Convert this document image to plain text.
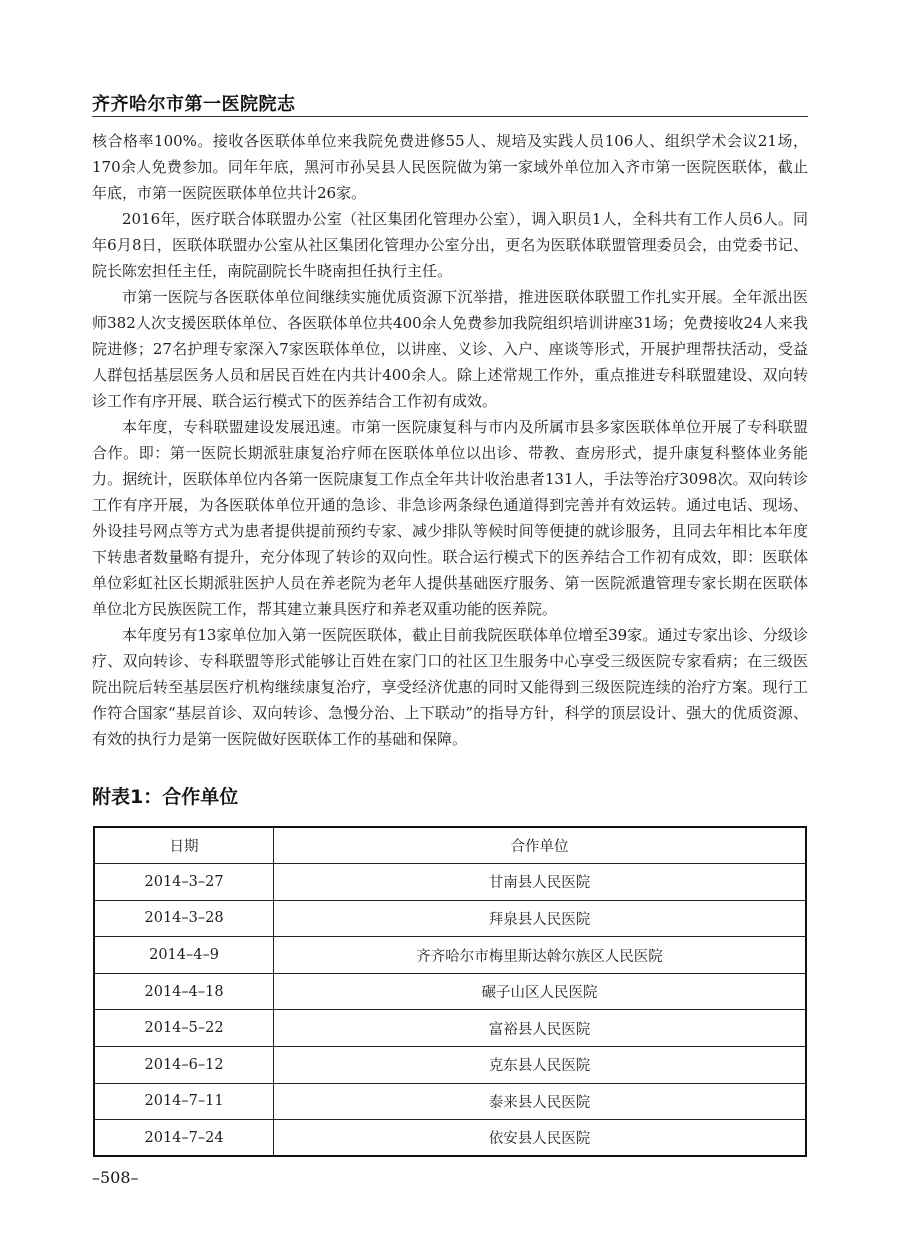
齐齐哈尔市第一医院院志

核合格率100%。接收各医联体单位来我院免费进修55人、规培及实践人员106人、组织学术会议21场，170余人免费参加。同年年底，黑河市孙吴县人民医院做为第一家域外单位加入齐市第一医院医联体，截止年底，市第一医院医联体单位共计26家。

2016年，医疗联合体联盟办公室（社区集团化管理办公室），调入职员1人，全科共有工作人员6人。同年6月8日，医联体联盟办公室从社区集团化管理办公室分出，更名为医联体联盟管理委员会，由党委书记、院长陈宏担任主任，南院副院长牛晓南担任执行主任。

市第一医院与各医联体单位间继续实施优质资源下沉举措，推进医联体联盟工作扎实开展。全年派出医师382人次支援医联体单位、各医联体单位共400余人免费参加我院组织培训讲座31场；免费接收24人来我院进修；27名护理专家深入7家医联体单位，以讲座、义诊、入户、座谈等形式，开展护理帮扶活动，受益人群包括基层医务人员和居民百姓在内共计400余人。除上述常规工作外，重点推进专科联盟建设、双向转诊工作有序开展、联合运行模式下的医养结合工作初有成效。

本年度，专科联盟建设发展迅速。市第一医院康复科与市内及所属市县多家医联体单位开展了专科联盟合作。即：第一医院长期派驻康复治疗师在医联体单位以出诊、带教、查房形式，提升康复科整体业务能力。据统计，医联体单位内各第一医院康复工作点全年共计收治患者131人，手法等治疗3098次。双向转诊工作有序开展，为各医联体单位开通的急诊、非急诊两条绿色通道得到完善并有效运转。通过电话、现场、外设挂号网点等方式为患者提供提前预约专家、减少排队等候时间等便捷的就诊服务，且同去年相比本年度下转患者数量略有提升，充分体现了转诊的双向性。联合运行模式下的医养结合工作初有成效，即：医联体单位彩虹社区长期派驻医护人员在养老院为老年人提供基础医疗服务、第一医院派遣管理专家长期在医联体单位北方民族医院工作，帮其建立兼具医疗和养老双重功能的医养院。

本年度另有13家单位加入第一医院医联体，截止目前我院医联体单位增至39家。通过专家出诊、分级诊疗、双向转诊、专科联盟等形式能够让百姓在家门口的社区卫生服务中心享受三级医院专家看病；在三级医院出院后转至基层医疗机构继续康复治疗，享受经济优惠的同时又能得到三级医院连续的治疗方案。现行工作符合国家“基层首诊、双向转诊、急慢分治、上下联动”的指导方针，科学的顶层设计、强大的优质资源、有效的执行力是第一医院做好医联体工作的基础和保障。

附表1：合作单位
日期	合作单位
2014–3–27	甘南县人民医院
2014–3–28	拜泉县人民医院
2014–4–9	齐齐哈尔市梅里斯达斡尔族区人民医院
2014–4–18	碾子山区人民医院
2014–5–22	富裕县人民医院
2014–6–12	克东县人民医院
2014–7–11	泰来县人民医院
2014–7–24	依安县人民医院
–508–
